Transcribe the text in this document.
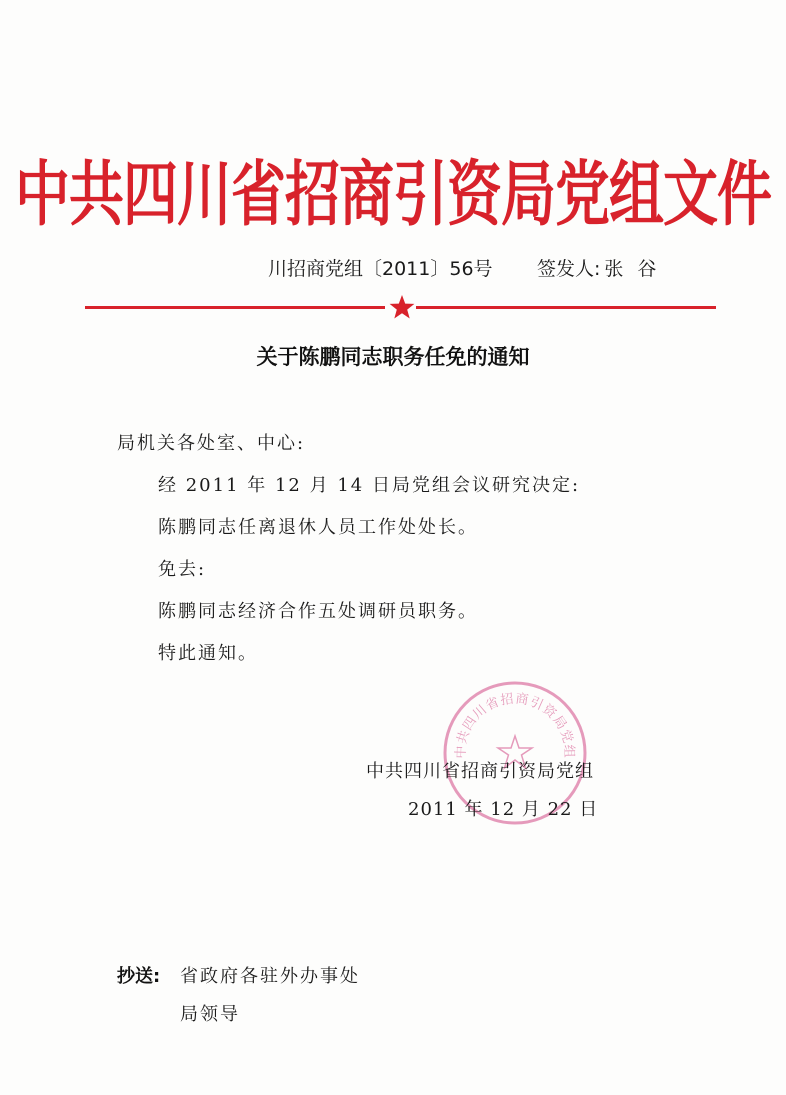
中共四川省招商引资局党组文件
川招商党组〔2011〕56号 签发人: 张谷
关于陈鹏同志职务任免的通知
局机关各处室、中心:
经 2011 年 12 月 14 日局党组会议研究决定:
陈鹏同志任离退休人员工作处处长。
免去:
陈鹏同志经济合作五处调研员职务。
特此通知。
中共四川省招商引资局党组
中共四川省招商引资局党组
2011 年 12 月 22 日
抄送: 省政府各驻外办事处
局领导
